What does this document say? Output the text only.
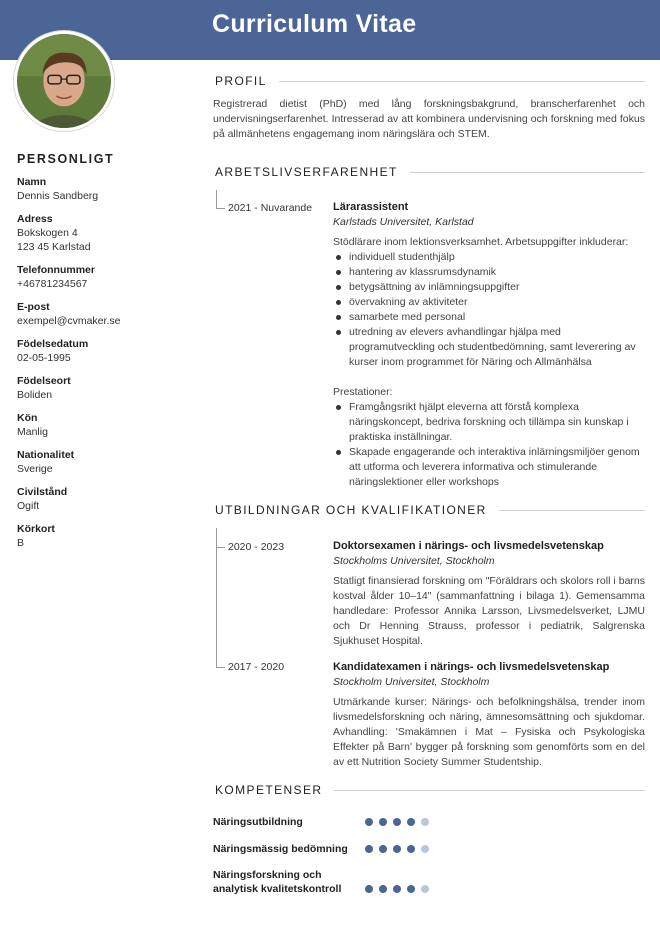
Curriculum Vitae
PERSONLIGT
Namn
Dennis Sandberg
Adress
Bokskogen 4
123 45 Karlstad
Telefonnummer
+46781234567
E-post
exempel@cvmaker.se
Födelsedatum
02-05-1995
Födelseort
Boliden
Kön
Manlig
Nationalitet
Sverige
Civilstånd
Ogift
Körkort
B
PROFIL
Registrerad dietist (PhD) med lång forskningsbakgrund, branscherfarenhet och undervisningserfarenhet. Intresserad av att kombinera undervisning och forskning med fokus på allmänhetens engagemang inom näringslära och STEM.
ARBETSLIVSERFARENHET
2021 - Nuvarande Lärarassistent
Karlstads Universitet, Karlstad
Stödlärare inom lektionsverksamhet. Arbetsuppgifter inkluderar:
individuell studenthjälp
hantering av klassrumsdynamik
betygsättning av inlämningsuppgifter
övervakning av aktiviteter
samarbete med personal
utredning av elevers avhandlingar hjälpa med programutveckling och studentbedömning, samt leverering av kurser inom programmet för Näring och Allmänhälsa
Prestationer:
Framgångsrikt hjälpt eleverna att förstå komplexa näringskoncept, bedriva forskning och tillämpa sin kunskap i praktiska inställningar.
Skapade engagerande och interaktiva inlärningsmiljöer genom att utforma och leverera informativa och stimulerande näringslektioner eller workshops
UTBILDNINGAR OCH KVALIFIKATIONER
2020 - 2023
2017 - 2020
Doktorsexamen i närings- och livsmedelsvetenskap
Stockholms Universitet, Stockholm
Statligt finansierad forskning om "Föräldrars och skolors roll i barns kostval ålder 10–14" (sammanfattning i bilaga 1). Gemensamma handledare: Professor Annika Larsson, Livsmedelsverket, LJMU och Dr Henning Strauss, professor i pediatrik, Salgrenska Sjukhuset Hospital.
Kandidatexamen i närings- och livsmedelsvetenskap
Stockholm Universitet, Stockholm
Utmärkande kurser: Närings- och befolkningshälsa, trender inom livsmedelsforskning och näring, ämnesomsättning och sjukdomar. Avhandling: 'Smakämnen i Mat – Fysiska och Psykologiska Effekter på Barn' bygger på forskning som genomförts som en del av ett Nutrition Society Summer Studentship.
KOMPETENSER
Näringsutbildning
Näringsmässig bedömning
Näringsforskning och analytisk kvalitetskontroll
